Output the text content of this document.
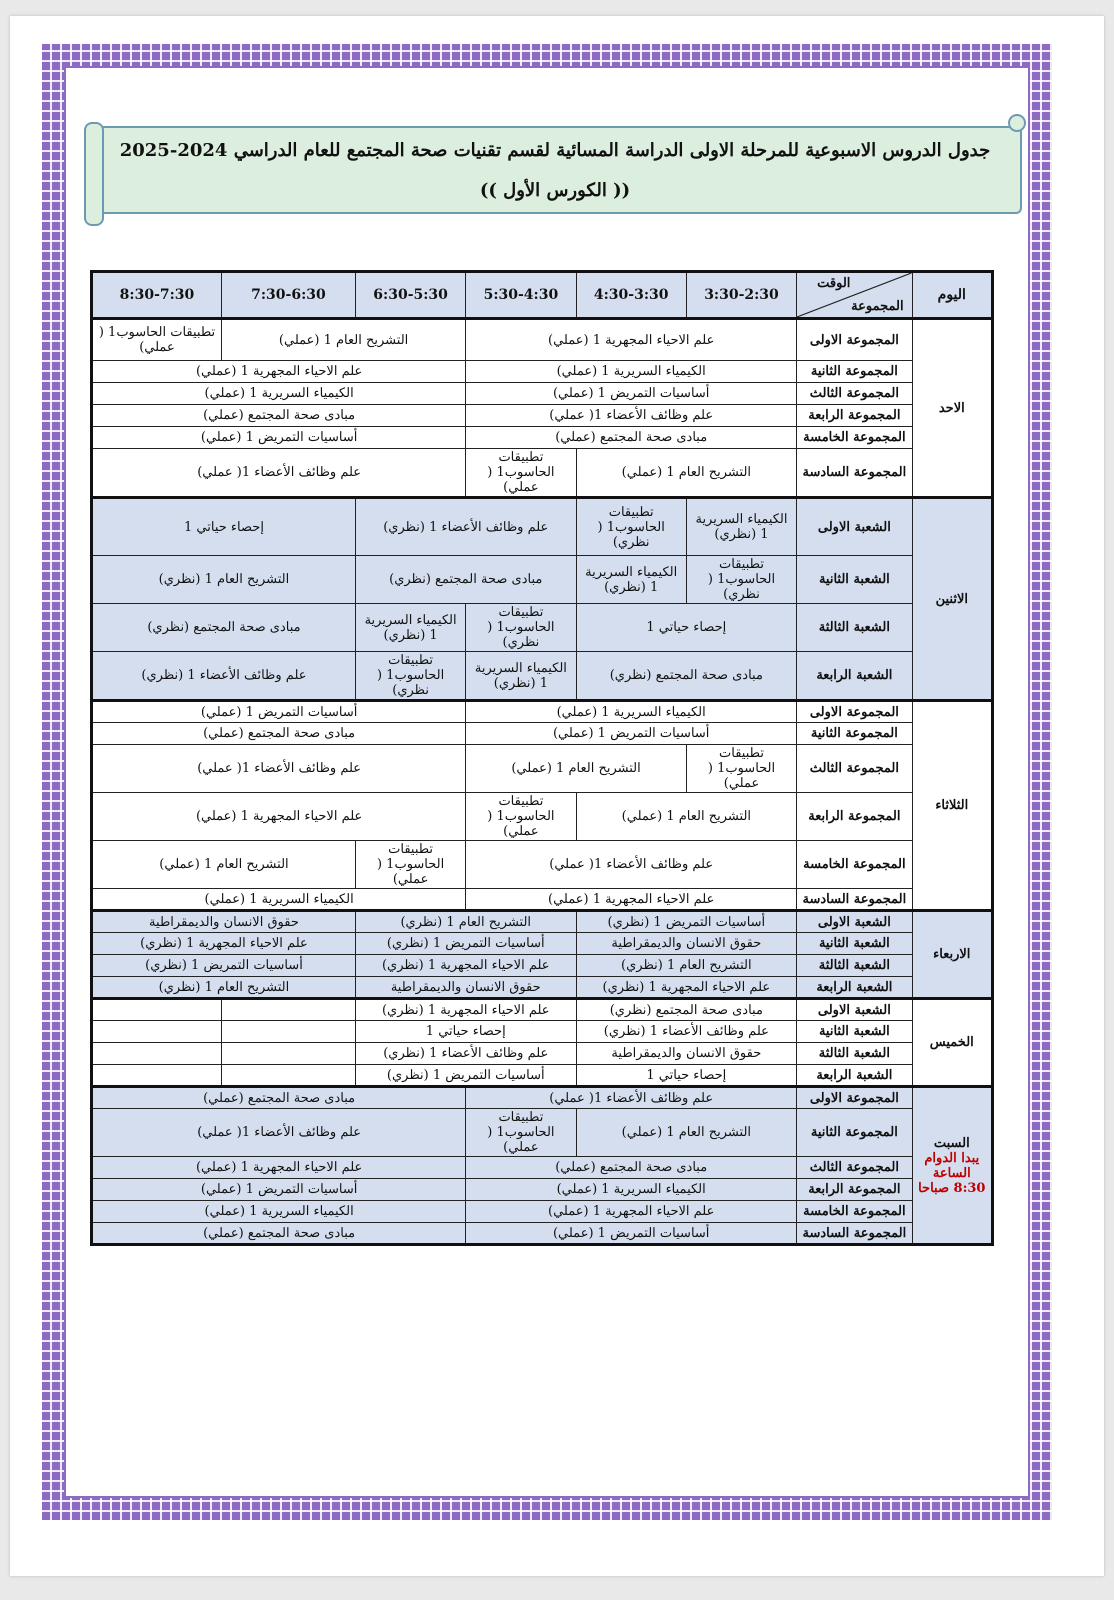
جدول الدروس الاسبوعية للمرحلة الاولى الدراسة المسائية لقسم تقنيات صحة المجتمع للعام الدراسي 2024-2025
(( الكورس الأول ))
اليوم	الوقت
المجموعة	3:30-2:30	4:30-3:30	5:30-4:30	6:30-5:30	7:30-6:30	8:30-7:30
الاحد	المجموعة الاولى	علم الاحياء المجهرية 1 (عملي)			التشريح العام 1 (عملي)		تطبيقات الحاسوب1 ( عملي)
	المجموعة الثانية	الكيمياء السريرية 1 (عملي)			علم الاحياء المجهرية 1 (عملي)		
	المجموعة الثالث	أساسيات التمريض 1 (عملي)			الكيمياء السريرية 1 (عملي)		
	المجموعة الرابعة	علم وظائف الأعضاء 1( عملي)			مبادى صحة المجتمع (عملي)		
	المجموعة الخامسة	مبادى صحة المجتمع (عملي)			أساسيات التمريض 1 (عملي)		
	المجموعة السادسة	التشريح العام 1 (عملي)		تطبيقات الحاسوب1 ( عملي)	علم وظائف الأعضاء 1( عملي)		
الاثنين	الشعبة الاولى	الكيمياء السريرية 1 (نظري)	تطبيقات الحاسوب1 ( نظري)	علم وظائف الأعضاء 1 (نظري)		إحصاء حياتي 1	
	الشعبة الثانية	تطبيقات الحاسوب1 ( نظري)	الكيمياء السريرية 1 (نظري)	مبادى صحة المجتمع (نظري)		التشريح العام 1 (نظري)	
	الشعبة الثالثة	إحصاء حياتي 1		تطبيقات الحاسوب1 ( نظري)	الكيمياء السريرية 1 (نظري)	مبادى صحة المجتمع (نظري)	
	الشعبة الرابعة	مبادى صحة المجتمع (نظري)		الكيمياء السريرية 1 (نظري)	تطبيقات الحاسوب1 ( نظري)	علم وظائف الأعضاء 1 (نظري)	
الثلاثاء	المجموعة الاولى	الكيمياء السريرية 1 (عملي)			أساسيات التمريض 1 (عملي)		
	المجموعة الثانية	أساسيات التمريض 1 (عملي)			مبادى صحة المجتمع (عملي)		
	المجموعة الثالث	تطبيقات الحاسوب1 ( عملي)	التشريح العام 1 (عملي)		علم وظائف الأعضاء 1( عملي)		
	المجموعة الرابعة	التشريح العام 1 (عملي)		تطبيقات الحاسوب1 ( عملي)	علم الاحياء المجهرية 1 (عملي)		
	المجموعة الخامسة	علم وظائف الأعضاء 1( عملي)			تطبيقات الحاسوب1 ( عملي)	التشريح العام 1 (عملي)	
	المجموعة السادسة	علم الاحياء المجهرية 1 (عملي)			الكيمياء السريرية 1 (عملي)		
الاربعاء	الشعبة الاولى	أساسيات التمريض 1 (نظري)		التشريح العام 1 (نظري)		حقوق الانسان والديمقراطية	
	الشعبة الثانية	حقوق الانسان والديمقراطية		أساسيات التمريض 1 (نظري)		علم الاحياء المجهرية 1 (نظري)	
	الشعبة الثالثة	التشريح العام 1 (نظري)		علم الاحياء المجهرية 1 (نظري)		أساسيات التمريض 1 (نظري)	
	الشعبة الرابعة	علم الاحياء المجهرية 1 (نظري)		حقوق الانسان والديمقراطية		التشريح العام 1 (نظري)	
الخميس	الشعبة الاولى	مبادى صحة المجتمع (نظري)		علم الاحياء المجهرية 1 (نظري)			
	الشعبة الثانية	علم وظائف الأعضاء 1 (نظري)		إحصاء حياتي 1			
	الشعبة الثالثة	حقوق الانسان والديمقراطية		علم وظائف الأعضاء 1 (نظري)			
	الشعبة الرابعة	إحصاء حياتي 1		أساسيات التمريض 1 (نظري)			
السبت
يبدا الدوام الساعة 8:30 صباحا	المجموعة الاولى	علم وظائف الأعضاء 1( عملي)			مبادى صحة المجتمع (عملي)		
	المجموعة الثانية	التشريح العام 1 (عملي)		تطبيقات الحاسوب1 ( عملي)	علم وظائف الأعضاء 1( عملي)		
	المجموعة الثالث	مبادى صحة المجتمع (عملي)			علم الاحياء المجهرية 1 (عملي)		
	المجموعة الرابعة	الكيمياء السريرية 1 (عملي)			أساسيات التمريض 1 (عملي)		
	المجموعة الخامسة	علم الاحياء المجهرية 1 (عملي)			الكيمياء السريرية 1 (عملي)		
	المجموعة السادسة	أساسيات التمريض 1 (عملي)			مبادى صحة المجتمع (عملي)		
